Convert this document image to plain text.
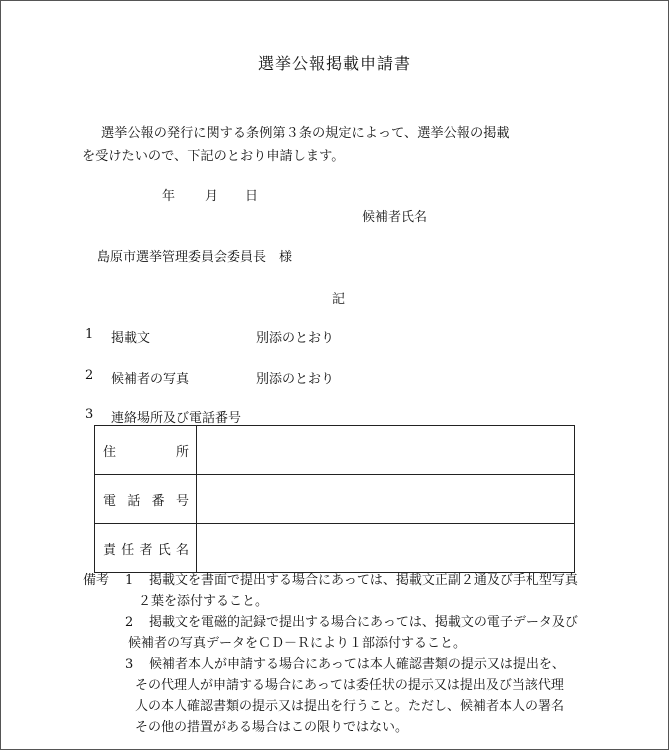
選挙公報掲載申請書

選挙公報の発行に関する条例第３条の規定によって、選挙公報の掲載

を受けたいので、下記のとおり申請します。

年 月 日
候補者氏名
島原市選挙管理委員会委員長　様
記
1 掲載文	別添のとおり
2 候補者の写真	別添のとおり
3 連絡場所及び電話番号
住 所	

電 話 番 号	

責 任 者 氏 名	

備考 1 掲載文を書面で提出する場合にあっては、掲載文正副２通及び手札型写真
２葉を添付すること。
2 掲載文を電磁的記録で提出する場合にあっては、掲載文の電子データ及び
候補者の写真データをＣＤ－Ｒにより１部添付すること。
3 候補者本人が申請する場合にあっては本人確認書類の提示又は提出を、
その代理人が申請する場合にあっては委任状の提示又は提出及び当該代理
人の本人確認書類の提示又は提出を行うこと。ただし、候補者本人の署名
その他の措置がある場合はこの限りではない。
